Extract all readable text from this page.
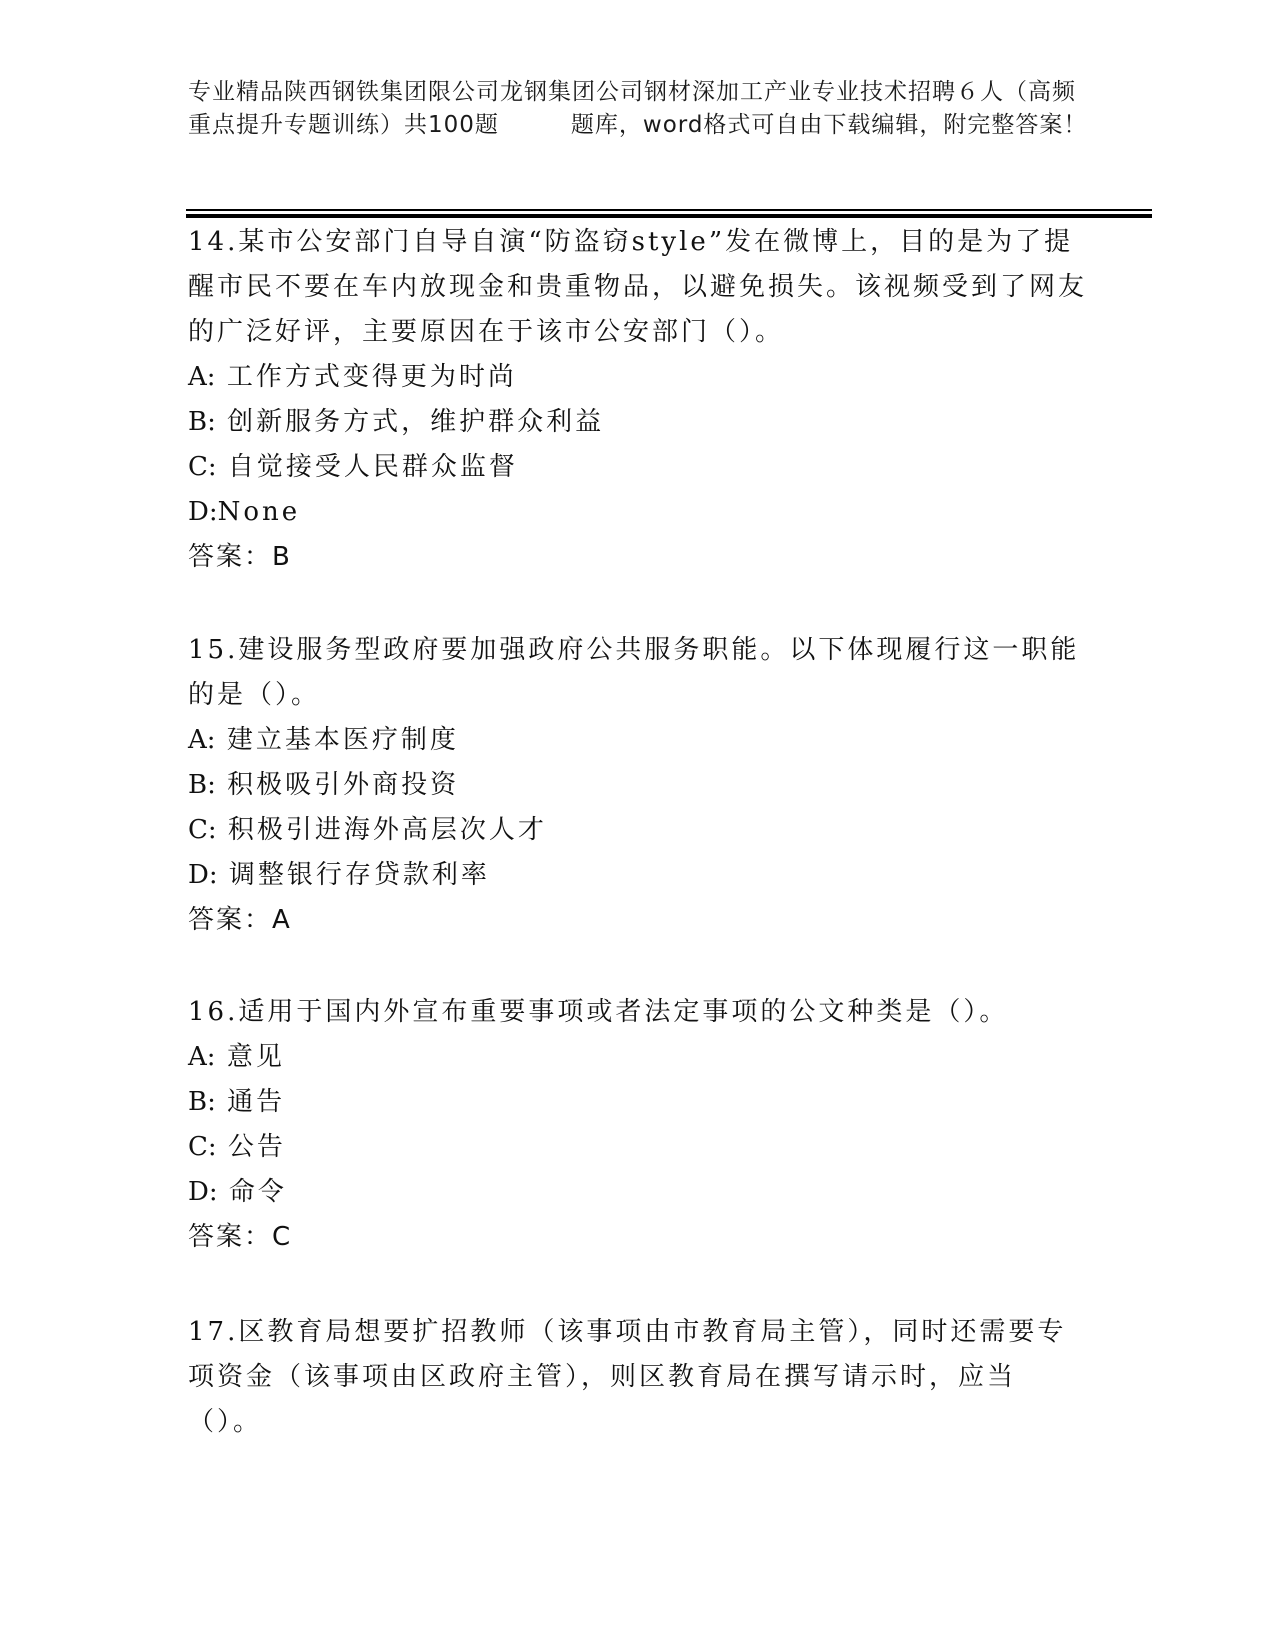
专业精品陕西钢铁集团限公司龙钢集团公司钢材深加工产业专业技术招聘６人（高频重点提升专题训练）共100题　　　题库，word格式可自由下载编辑，附完整答案！

14.某市公安部门自导自演“防盗窃style”发在微博上，目的是为了提醒市民不要在车内放现金和贵重物品，以避免损失。该视频受到了网友的广泛好评，主要原因在于该市公安部门（）。

A: 工作方式变得更为时尚
B: 创新服务方式，维护群众利益
C: 自觉接受人民群众监督
D:None
答案：B

15.建设服务型政府要加强政府公共服务职能。以下体现履行这一职能的是（）。

A: 建立基本医疗制度
B: 积极吸引外商投资
C: 积极引进海外高层次人才
D: 调整银行存贷款利率
答案：A

16.适用于国内外宣布重要事项或者法定事项的公文种类是（）。

A: 意见
B: 通告
C: 公告
D: 命令
答案：C

17.区教育局想要扩招教师（该事项由市教育局主管），同时还需要专项资金（该事项由区政府主管），则区教育局在撰写请示时，应当（）。
